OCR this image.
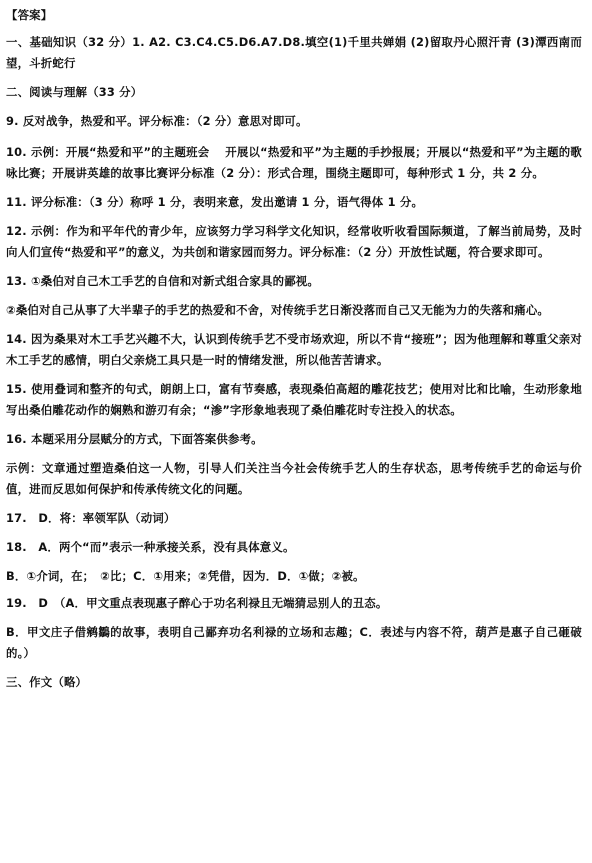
【答案】

一、基础知识（32 分）1. A2. C3.C4.C5.D6.A7.D8.填空(1)千里共婵娟 (2)留取丹心照汗青 (3)潭西南而望，斗折蛇行

二、阅读与理解（33 分）

9. 反对战争，热爱和平。评分标准：（2 分）意思对即可。

10. 示例：开展“热爱和平”的主题班会　 开展以“热爱和平”为主题的手抄报展；开展以“热爱和平”为主题的歌咏比赛；开展讲英雄的故事比赛评分标准（2 分）：形式合理，围绕主题即可，每种形式 1 分，共 2 分。

11. 评分标准：（3 分）称呼 1 分，表明来意，发出邀请 1 分，语气得体 1 分。

12. 示例：作为和平年代的青少年，应该努力学习科学文化知识，经常收听收看国际频道，了解当前局势，及时向人们宣传“热爱和平”的意义，为共创和谐家园而努力。评分标准：（2 分）开放性试题，符合要求即可。

13. ①桑伯对自己木工手艺的自信和对新式组合家具的鄙视。

②桑伯对自己从事了大半辈子的手艺的热爱和不舍，对传统手艺日渐没落而自己又无能为力的失落和痛心。

14. 因为桑果对木工手艺兴趣不大，认识到传统手艺不受市场欢迎，所以不肯“接班”；因为他理解和尊重父亲对木工手艺的感情，明白父亲烧工具只是一时的情绪发泄，所以他苦苦请求。

15. 使用叠词和整齐的句式，朗朗上口，富有节奏感，表现桑伯高超的雕花技艺；使用对比和比喻，生动形象地写出桑伯雕花动作的娴熟和游刃有余；“渗”字形象地表现了桑伯雕花时专注投入的状态。

16. 本题采用分层赋分的方式，下面答案供参考。

示例：文章通过塑造桑伯这一人物，引导人们关注当今社会传统手艺人的生存状态，思考传统手艺的命运与价值，进而反思如何保护和传承传统文化的问题。

17.　D．将：率领军队（动词）

18.　A．两个“而”表示一种承接关系，没有具体意义。

B．①介词，在；　②比；C．①用来；②凭借，因为．D．①做；②被。

19.　D　（A．甲文重点表现惠子醉心于功名利禄且无端猜忌别人的丑态。

B．甲文庄子借鹓鶵的故事，表明自己鄙弃功名利禄的立场和志趣；C．表述与内容不符，葫芦是惠子自己砸破的。）

三、作文（略）
